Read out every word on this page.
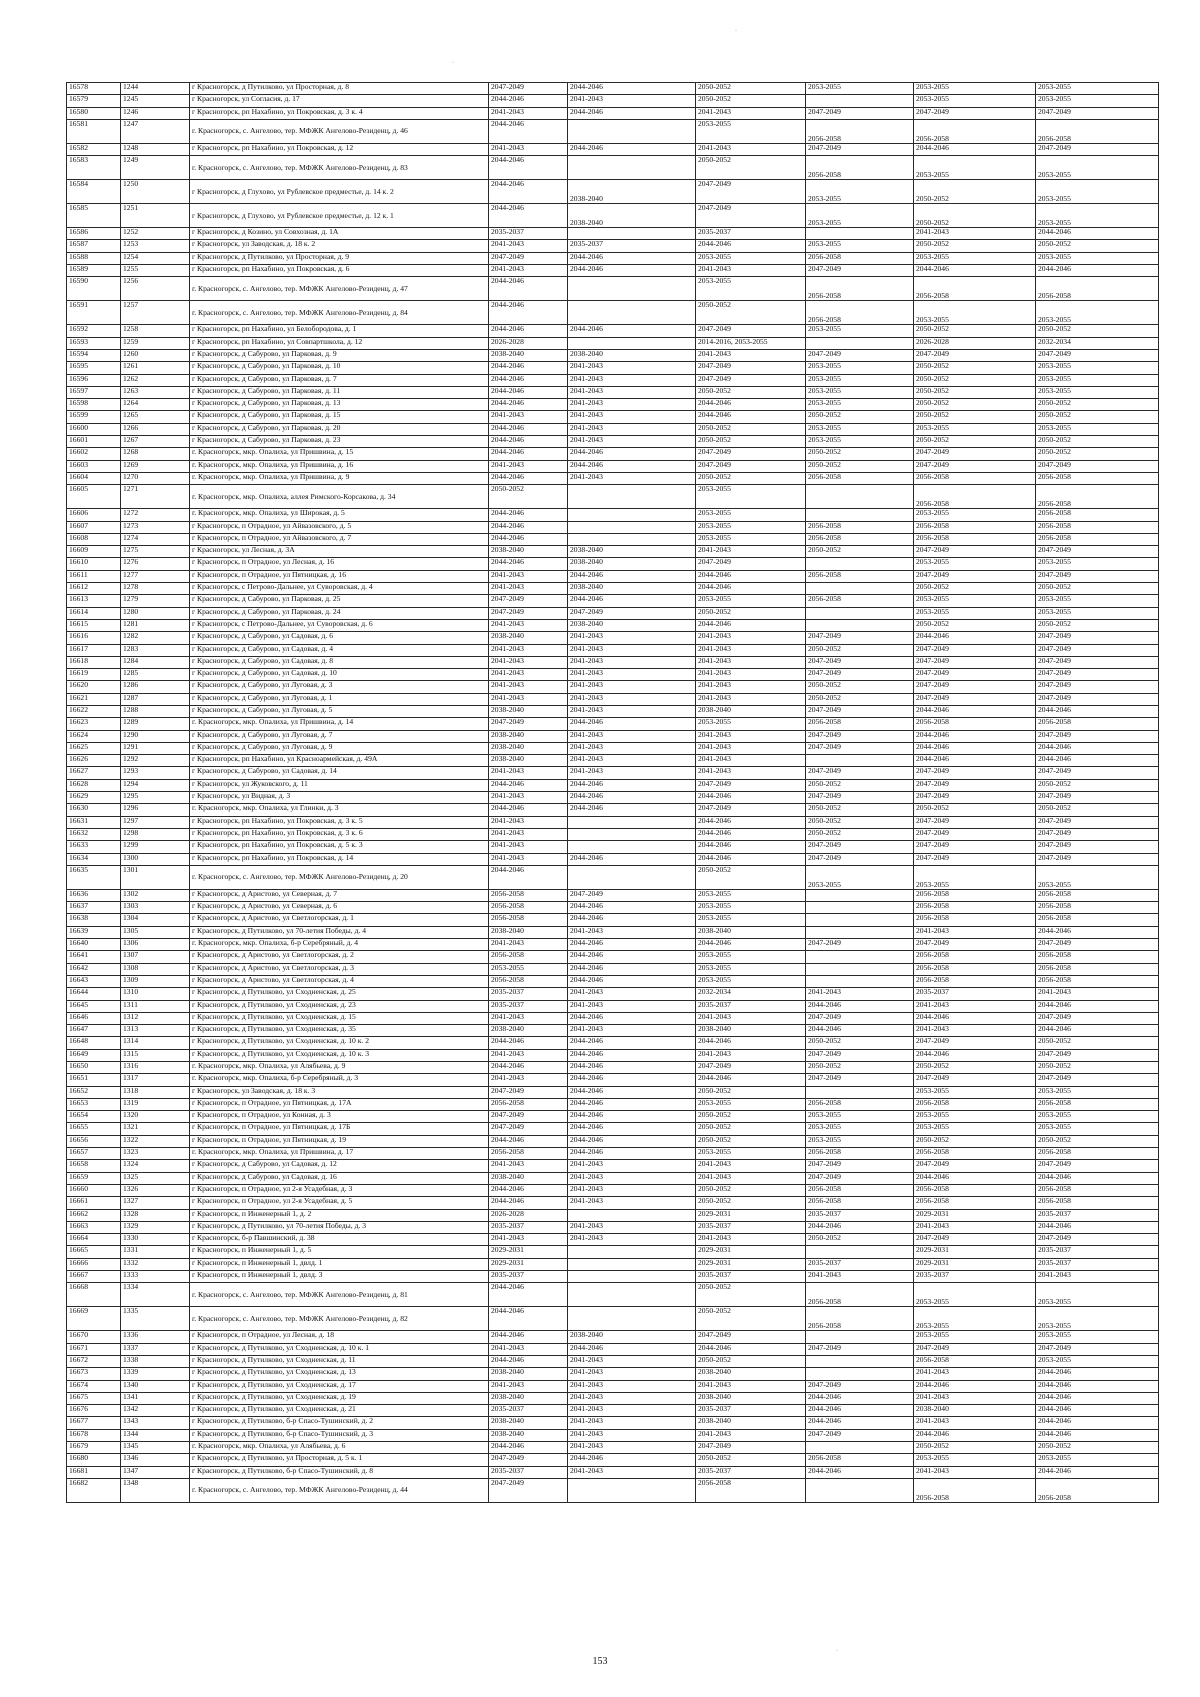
16578	1244	г Красногорск, д Путилково, ул Просторная, д. 8	2047-2049	2044-2046	2050-2052	2053-2055	2053-2055	2053-2055
16579	1245	г Красногорск, ул Согласия, д. 17	2044-2046	2041-2043	2050-2052		2053-2055	2053-2055
16580	1246	г Красногорск, рп Нахабино, ул Покровская, д. 3 к. 4	2041-2043	2044-2046	2041-2043	2047-2049	2047-2049	2047-2049
16581	1247	г. Красногорск, с. Ангелово, тер. МФЖК Ангелово-Резиденц, д. 46	2044-2046		2053-2055	2056-2058	2056-2058	2056-2058
16582	1248	г Красногорск, рп Нахабино, ул Покровская, д. 12	2041-2043	2044-2046	2041-2043	2047-2049	2044-2046	2047-2049
16583	1249	г. Красногорск, с. Ангелово, тер. МФЖК Ангелово-Резиденц, д. 83	2044-2046		2050-2052	2056-2058	2053-2055	2053-2055
16584	1250	г Красногорск, д Глухово, ул Рублевское предместье, д. 14 к. 2	2044-2046	2038-2040	2047-2049	2053-2055	2050-2052	2053-2055
16585	1251	г Красногорск, д Глухово, ул Рублевское предместье, д. 12 к. 1	2044-2046	2038-2040	2047-2049	2053-2055	2050-2052	2053-2055
16586	1252	г Красногорск, д Козино, ул Совхозная, д. 1А	2035-2037		2035-2037		2041-2043	2044-2046
16587	1253	г Красногорск, ул Заводская, д. 18 к. 2	2041-2043	2035-2037	2044-2046	2053-2055	2050-2052	2050-2052
16588	1254	г Красногорск, д Путилково, ул Просторная, д. 9	2047-2049	2044-2046	2053-2055	2056-2058	2053-2055	2053-2055
16589	1255	г Красногорск, рп Нахабино, ул Покровская, д. 6	2041-2043	2044-2046	2041-2043	2047-2049	2044-2046	2044-2046
16590	1256	г. Красногорск, с. Ангелово, тер. МФЖК Ангелово-Резиденц, д. 47	2044-2046		2053-2055	2056-2058	2056-2058	2056-2058
16591	1257	г. Красногорск, с. Ангелово, тер. МФЖК Ангелово-Резиденц, д. 84	2044-2046		2050-2052	2056-2058	2053-2055	2053-2055
16592	1258	г Красногорск, рп Нахабино, ул Белобородова, д. 1	2044-2046	2044-2046	2047-2049	2053-2055	2050-2052	2050-2052
16593	1259	г Красногорск, рп Нахабино, ул Совпартшкола, д. 12	2026-2028		2014-2016, 2053-2055		2026-2028	2032-2034
16594	1260	г Красногорск, д Сабурово, ул Парковая, д. 9	2038-2040	2038-2040	2041-2043	2047-2049	2047-2049	2047-2049
16595	1261	г Красногорск, д Сабурово, ул Парковая, д. 10	2044-2046	2041-2043	2047-2049	2053-2055	2050-2052	2053-2055
16596	1262	г Красногорск, д Сабурово, ул Парковая, д. 7	2044-2046	2041-2043	2047-2049	2053-2055	2050-2052	2053-2055
16597	1263	г Красногорск, д Сабурово, ул Парковая, д. 11	2044-2046	2041-2043	2050-2052	2053-2055	2050-2052	2053-2055
16598	1264	г Красногорск, д Сабурово, ул Парковая, д. 13	2044-2046	2041-2043	2044-2046	2053-2055	2050-2052	2050-2052
16599	1265	г Красногорск, д Сабурово, ул Парковая, д. 15	2041-2043	2041-2043	2044-2046	2050-2052	2050-2052	2050-2052
16600	1266	г Красногорск, д Сабурово, ул Парковая, д. 20	2044-2046	2041-2043	2050-2052	2053-2055	2053-2055	2053-2055
16601	1267	г Красногорск, д Сабурово, ул Парковая, д. 23	2044-2046	2041-2043	2050-2052	2053-2055	2050-2052	2050-2052
16602	1268	г. Красногорск, мкр. Опалиха, ул Пришвина, д. 15	2044-2046	2044-2046	2047-2049	2050-2052	2047-2049	2050-2052
16603	1269	г. Красногорск, мкр. Опалиха, ул Пришвина, д. 16	2041-2043	2044-2046	2047-2049	2050-2052	2047-2049	2047-2049
16604	1270	г. Красногорск, мкр. Опалиха, ул Пришвина, д. 9	2044-2046	2041-2043	2050-2052	2056-2058	2056-2058	2056-2058
16605	1271	г. Красногорск, мкр. Опалиха, аллея Римского-Корсакова, д. 34	2050-2052		2053-2055		2056-2058	2056-2058
16606	1272	г. Красногорск, мкр. Опалиха, ул Широкая, д. 5	2044-2046		2053-2055		2053-2055	2056-2058
16607	1273	г Красногорск, п Отрадное, ул Айвазовского, д. 5	2044-2046		2053-2055	2056-2058	2056-2058	2056-2058
16608	1274	г Красногорск, п Отрадное, ул Айвазовского, д. 7	2044-2046		2053-2055	2056-2058	2056-2058	2056-2058
16609	1275	г Красногорск, ул Лесная, д. 3А	2038-2040	2038-2040	2041-2043	2050-2052	2047-2049	2047-2049
16610	1276	г Красногорск, п Отрадное, ул Лесная, д. 16	2044-2046	2038-2040	2047-2049		2053-2055	2053-2055
16611	1277	г Красногорск, п Отрадное, ул Пятницкая, д. 16	2041-2043	2044-2046	2044-2046	2056-2058	2047-2049	2047-2049
16612	1278	г Красногорск, с Петрово-Дальнее, ул Суворовская, д. 4	2041-2043	2038-2040	2044-2046		2050-2052	2050-2052
16613	1279	г Красногорск, д Сабурово, ул Парковая, д. 25	2047-2049	2044-2046	2053-2055	2056-2058	2053-2055	2053-2055
16614	1280	г Красногорск, д Сабурово, ул Парковая, д. 24	2047-2049	2047-2049	2050-2052		2053-2055	2053-2055
16615	1281	г Красногорск, с Петрово-Дальнее, ул Суворовская, д. 6	2041-2043	2038-2040	2044-2046		2050-2052	2050-2052
16616	1282	г Красногорск, д Сабурово, ул Садовая, д. 6	2038-2040	2041-2043	2041-2043	2047-2049	2044-2046	2047-2049
16617	1283	г Красногорск, д Сабурово, ул Садовая, д. 4	2041-2043	2041-2043	2041-2043	2050-2052	2047-2049	2047-2049
16618	1284	г Красногорск, д Сабурово, ул Садовая, д. 8	2041-2043	2041-2043	2041-2043	2047-2049	2047-2049	2047-2049
16619	1285	г Красногорск, д Сабурово, ул Садовая, д. 10	2041-2043	2041-2043	2041-2043	2047-2049	2047-2049	2047-2049
16620	1286	г Красногорск, д Сабурово, ул Луговая, д. 3	2041-2043	2041-2043	2041-2043	2050-2052	2047-2049	2047-2049
16621	1287	г Красногорск, д Сабурово, ул Луговая, д. 1	2041-2043	2041-2043	2041-2043	2050-2052	2047-2049	2047-2049
16622	1288	г Красногорск, д Сабурово, ул Луговая, д. 5	2038-2040	2041-2043	2038-2040	2047-2049	2044-2046	2044-2046
16623	1289	г. Красногорск, мкр. Опалиха, ул Пришвина, д. 14	2047-2049	2044-2046	2053-2055	2056-2058	2056-2058	2056-2058
16624	1290	г Красногорск, д Сабурово, ул Луговая, д. 7	2038-2040	2041-2043	2041-2043	2047-2049	2044-2046	2047-2049
16625	1291	г Красногорск, д Сабурово, ул Луговая, д. 9	2038-2040	2041-2043	2041-2043	2047-2049	2044-2046	2044-2046
16626	1292	г Красногорск, рп Нахабино, ул Красноармейская, д. 49А	2038-2040	2041-2043	2041-2043		2044-2046	2044-2046
16627	1293	г Красногорск, д Сабурово, ул Садовая, д. 14	2041-2043	2041-2043	2041-2043	2047-2049	2047-2049	2047-2049
16628	1294	г Красногорск, ул Жуковского, д. 11	2044-2046	2044-2046	2047-2049	2050-2052	2047-2049	2050-2052
16629	1295	г Красногорск, ул Видная, д. 3	2041-2043	2044-2046	2044-2046	2047-2049	2047-2049	2047-2049
16630	1296	г. Красногорск, мкр. Опалиха, ул Глинки, д. 3	2044-2046	2044-2046	2047-2049	2050-2052	2050-2052	2050-2052
16631	1297	г Красногорск, рп Нахабино, ул Покровская, д. 3 к. 5	2041-2043		2044-2046	2050-2052	2047-2049	2047-2049
16632	1298	г Красногорск, рп Нахабино, ул Покровская, д. 3 к. 6	2041-2043		2044-2046	2050-2052	2047-2049	2047-2049
16633	1299	г Красногорск, рп Нахабино, ул Покровская, д. 5 к. 3	2041-2043		2044-2046	2047-2049	2047-2049	2047-2049
16634	1300	г Красногорск, рп Нахабино, ул Покровская, д. 14	2041-2043	2044-2046	2044-2046	2047-2049	2047-2049	2047-2049
16635	1301	г. Красногорск, с. Ангелово, тер. МФЖК Ангелово-Резиденц, д. 20	2044-2046		2050-2052	2053-2055	2053-2055	2053-2055
16636	1302	г Красногорск, д Аристово, ул Северная, д. 7	2056-2058	2047-2049	2053-2055		2056-2058	2056-2058
16637	1303	г Красногорск, д Аристово, ул Северная, д. 6	2056-2058	2044-2046	2053-2055		2056-2058	2056-2058
16638	1304	г Красногорск, д Аристово, ул Светлогорская, д. 1	2056-2058	2044-2046	2053-2055		2056-2058	2056-2058
16639	1305	г Красногорск, д Путилково, ул 70-летия Победы, д. 4	2038-2040	2041-2043	2038-2040		2041-2043	2044-2046
16640	1306	г. Красногорск, мкр. Опалиха, б-р Серебряный, д. 4	2041-2043	2044-2046	2044-2046	2047-2049	2047-2049	2047-2049
16641	1307	г Красногорск, д Аристово, ул Светлогорская, д. 2	2056-2058	2044-2046	2053-2055		2056-2058	2056-2058
16642	1308	г Красногорск, д Аристово, ул Светлогорская, д. 3	2053-2055	2044-2046	2053-2055		2056-2058	2056-2058
16643	1309	г Красногорск, д Аристово, ул Светлогорская, д. 4	2056-2058	2044-2046	2053-2055		2056-2058	2056-2058
16644	1310	г Красногорск, д Путилково, ул Сходненская, д. 25	2035-2037	2041-2043	2032-2034	2041-2043	2035-2037	2041-2043
16645	1311	г Красногорск, д Путилково, ул Сходненская, д. 23	2035-2037	2041-2043	2035-2037	2044-2046	2041-2043	2044-2046
16646	1312	г Красногорск, д Путилково, ул Сходненская, д. 15	2041-2043	2044-2046	2041-2043	2047-2049	2044-2046	2047-2049
16647	1313	г Красногорск, д Путилково, ул Сходненская, д. 35	2038-2040	2041-2043	2038-2040	2044-2046	2041-2043	2044-2046
16648	1314	г Красногорск, д Путилково, ул Сходненская, д. 10 к. 2	2044-2046	2044-2046	2044-2046	2050-2052	2047-2049	2050-2052
16649	1315	г Красногорск, д Путилково, ул Сходненская, д. 10 к. 3	2041-2043	2044-2046	2041-2043	2047-2049	2044-2046	2047-2049
16650	1316	г. Красногорск, мкр. Опалиха, ул Алябьева, д. 9	2044-2046	2044-2046	2047-2049	2050-2052	2050-2052	2050-2052
16651	1317	г. Красногорск, мкр. Опалиха, б-р Серебряный, д. 3	2041-2043	2044-2046	2044-2046	2047-2049	2047-2049	2047-2049
16652	1318	г Красногорск, ул Заводская, д. 18 к. 3	2047-2049	2044-2046	2050-2052		2053-2055	2053-2055
16653	1319	г Красногорск, п Отрадное, ул Пятницкая, д. 17А	2056-2058	2044-2046	2053-2055	2056-2058	2056-2058	2056-2058
16654	1320	г Красногорск, п Отрадное, ул Конная, д. 3	2047-2049	2044-2046	2050-2052	2053-2055	2053-2055	2053-2055
16655	1321	г Красногорск, п Отрадное, ул Пятницкая, д. 17Б	2047-2049	2044-2046	2050-2052	2053-2055	2053-2055	2053-2055
16656	1322	г Красногорск, п Отрадное, ул Пятницкая, д. 19	2044-2046	2044-2046	2050-2052	2053-2055	2050-2052	2050-2052
16657	1323	г. Красногорск, мкр. Опалиха, ул Пришвина, д. 17	2056-2058	2044-2046	2053-2055	2056-2058	2056-2058	2056-2058
16658	1324	г Красногорск, д Сабурово, ул Садовая, д. 12	2041-2043	2041-2043	2041-2043	2047-2049	2047-2049	2047-2049
16659	1325	г Красногорск, д Сабурово, ул Садовая, д. 16	2038-2040	2041-2043	2041-2043	2047-2049	2044-2046	2044-2046
16660	1326	г Красногорск, п Отрадное, ул 2-я Усадебная, д. 3	2044-2046	2041-2043	2050-2052	2056-2058	2056-2058	2056-2058
16661	1327	г Красногорск, п Отрадное, ул 2-я Усадебная, д. 5	2044-2046	2041-2043	2050-2052	2056-2058	2056-2058	2056-2058
16662	1328	г Красногорск, п Инженерный 1, д. 2	2026-2028		2029-2031	2035-2037	2029-2031	2035-2037
16663	1329	г Красногорск, д Путилково, ул 70-летия Победы, д. 3	2035-2037	2041-2043	2035-2037	2044-2046	2041-2043	2044-2046
16664	1330	г Красногорск, б-р Павшинский, д. 38	2041-2043	2041-2043	2041-2043	2050-2052	2047-2049	2047-2049
16665	1331	г Красногорск, п Инженерный 1, д. 5	2029-2031		2029-2031		2029-2031	2035-2037
16666	1332	г Красногорск, п Инженерный 1, двлд. 1	2029-2031		2029-2031	2035-2037	2029-2031	2035-2037
16667	1333	г Красногорск, п Инженерный 1, двлд. 3	2035-2037		2035-2037	2041-2043	2035-2037	2041-2043
16668	1334	г. Красногорск, с. Ангелово, тер. МФЖК Ангелово-Резиденц, д. 81	2044-2046		2050-2052	2056-2058	2053-2055	2053-2055
16669	1335	г. Красногорск, с. Ангелово, тер. МФЖК Ангелово-Резиденц, д. 82	2044-2046		2050-2052	2056-2058	2053-2055	2053-2055
16670	1336	г Красногорск, п Отрадное, ул Лесная, д. 18	2044-2046	2038-2040	2047-2049		2053-2055	2053-2055
16671	1337	г Красногорск, д Путилково, ул Сходненская, д. 10 к. 1	2041-2043	2044-2046	2044-2046	2047-2049	2047-2049	2047-2049
16672	1338	г Красногорск, д Путилково, ул Сходненская, д. 11	2044-2046	2041-2043	2050-2052		2056-2058	2053-2055
16673	1339	г Красногорск, д Путилково, ул Сходненская, д. 13	2038-2040	2041-2043	2038-2040		2041-2043	2044-2046
16674	1340	г Красногорск, д Путилково, ул Сходненская, д. 17	2041-2043	2041-2043	2041-2043	2047-2049	2044-2046	2044-2046
16675	1341	г Красногорск, д Путилково, ул Сходненская, д. 19	2038-2040	2041-2043	2038-2040	2044-2046	2041-2043	2044-2046
16676	1342	г Красногорск, д Путилково, ул Сходненская, д. 21	2035-2037	2041-2043	2035-2037	2044-2046	2038-2040	2044-2046
16677	1343	г Красногорск, д Путилково, б-р Спасо-Тушинский, д. 2	2038-2040	2041-2043	2038-2040	2044-2046	2041-2043	2044-2046
16678	1344	г Красногорск, д Путилково, б-р Спасо-Тушинский, д. 3	2038-2040	2041-2043	2041-2043	2047-2049	2044-2046	2044-2046
16679	1345	г. Красногорск, мкр. Опалиха, ул Алябьева, д. 6	2044-2046	2041-2043	2047-2049		2050-2052	2050-2052
16680	1346	г Красногорск, д Путилково, ул Просторная, д. 5 к. 1	2047-2049	2044-2046	2050-2052	2056-2058	2053-2055	2053-2055
16681	1347	г Красногорск, д Путилково, б-р Спасо-Тушинский, д. 8	2035-2037	2041-2043	2035-2037	2044-2046	2041-2043	2044-2046
16682	1348	г. Красногорск, с. Ангелово, тер. МФЖК Ангелово-Резиденц, д. 44	2047-2049		2056-2058		2056-2058	2056-2058
·
·
·
153
